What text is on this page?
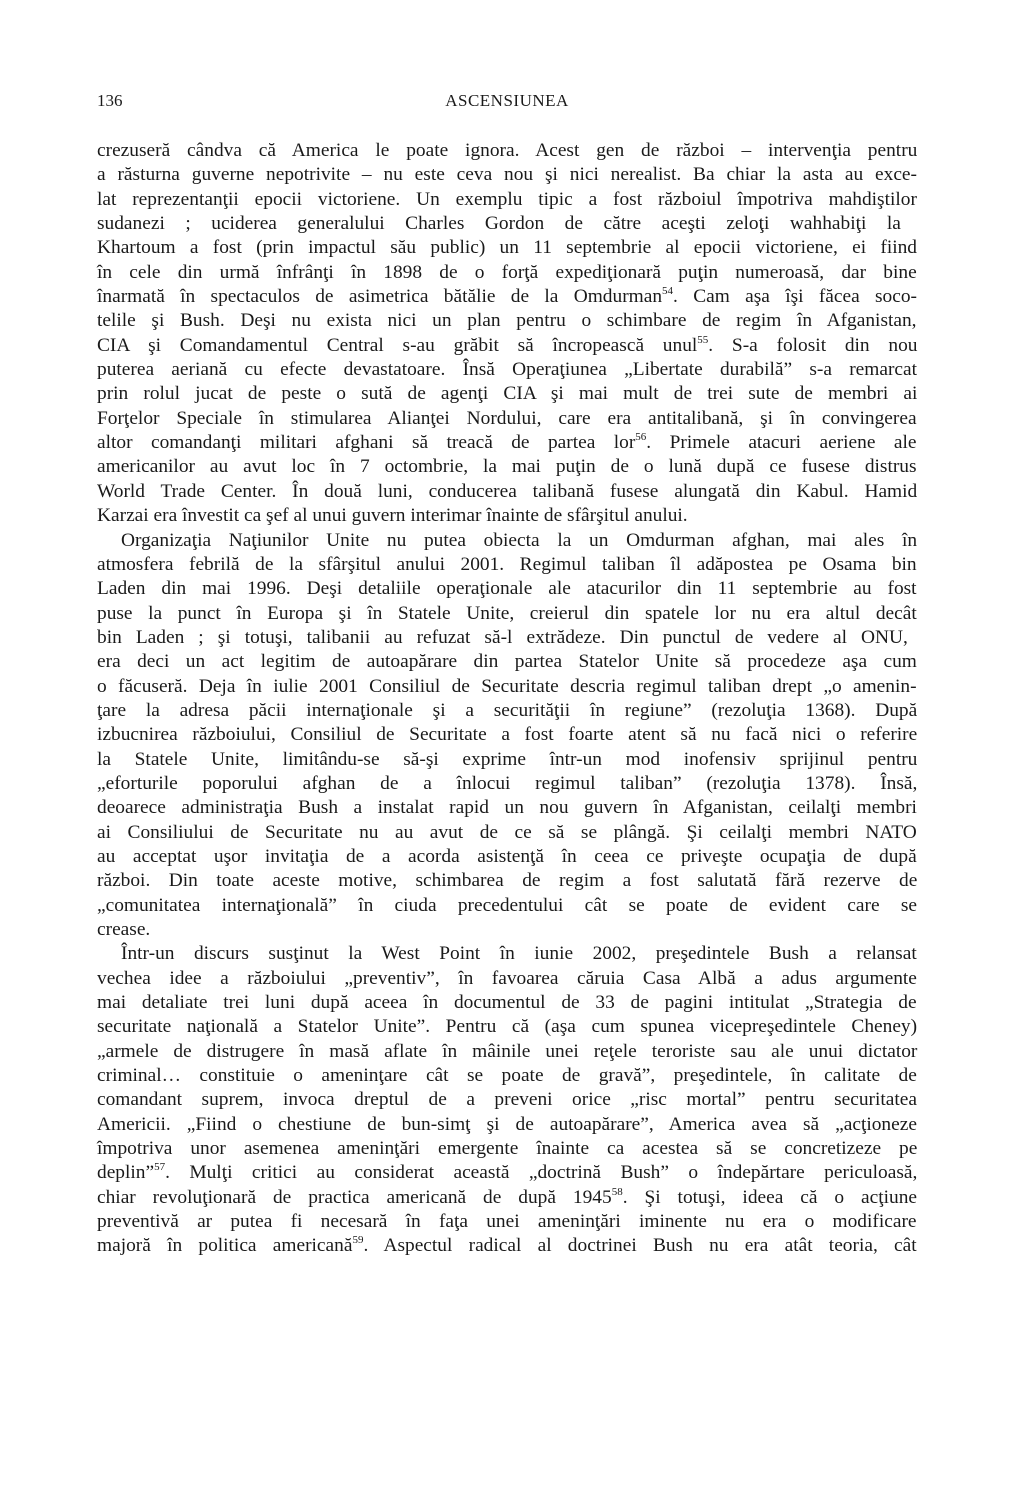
136	ASCENSIUNEA
crezuseră cândva că America le poate ignora. Acest gen de război – intervenţia pentru
a răsturna guverne nepotrivite – nu este ceva nou şi nici nerealist. Ba chiar la asta au exce-
lat reprezentanţii epocii victoriene. Un exemplu tipic a fost războiul împotriva mahdiştilor
sudanezi ; uciderea generalului Charles Gordon de către aceşti zeloţi wahhabiţi la
Khartoum a fost (prin impactul său public) un 11 septembrie al epocii victoriene, ei fiind
în cele din urmă înfrânţi în 1898 de o forţă expediţionară puţin numeroasă, dar bine
înarmată în spectaculos de asimetrica bătălie de la Omdurman$^{54}$. Cam aşa îşi făcea soco-
telile şi Bush. Deşi nu exista nici un plan pentru o schimbare de regim în Afganistan,
CIA şi Comandamentul Central s-au grăbit să încropească unul$^{55}$. S-a folosit din nou
puterea aeriană cu efecte devastatoare. Însă Operaţiunea „Libertate durabilă” s-a remarcat
prin rolul jucat de peste o sută de agenţi CIA şi mai mult de trei sute de membri ai
Forţelor Speciale în stimularea Alianţei Nordului, care era antitalibană, şi în convingerea
altor comandanţi militari afghani să treacă de partea lor$^{56}$. Primele atacuri aeriene ale
americanilor au avut loc în 7 octombrie, la mai puţin de o lună după ce fusese distrus
World Trade Center. În două luni, conducerea talibană fusese alungată din Kabul. Hamid
Karzai era învestit ca şef al unui guvern interimar înainte de sfârşitul anului.
Organizaţia Naţiunilor Unite nu putea obiecta la un Omdurman afghan, mai ales în
atmosfera febrilă de la sfârşitul anului 2001. Regimul taliban îl adăpostea pe Osama bin
Laden din mai 1996. Deşi detaliile operaţionale ale atacurilor din 11 septembrie au fost
puse la punct în Europa şi în Statele Unite, creierul din spatele lor nu era altul decât
bin Laden ; şi totuşi, talibanii au refuzat să-l extrădeze. Din punctul de vedere al ONU,
era deci un act legitim de autoapărare din partea Statelor Unite să procedeze aşa cum
o făcuseră. Deja în iulie 2001 Consiliul de Securitate descria regimul taliban drept „o amenin-
ţare la adresa păcii internaţionale şi a securităţii în regiune” (rezoluţia 1368). După
izbucnirea războiului, Consiliul de Securitate a fost foarte atent să nu facă nici o referire
la Statele Unite, limitându-se să-şi exprime într-un mod inofensiv sprijinul pentru
„eforturile poporului afghan de a înlocui regimul taliban” (rezoluţia 1378). Însă,
deoarece administraţia Bush a instalat rapid un nou guvern în Afganistan, ceilalţi membri
ai Consiliului de Securitate nu au avut de ce să se plângă. Şi ceilalţi membri NATO
au acceptat uşor invitaţia de a acorda asistenţă în ceea ce priveşte ocupaţia de după
război. Din toate aceste motive, schimbarea de regim a fost salutată fără rezerve de
„comunitatea internaţională” în ciuda precedentului cât se poate de evident care se
crease.
Într-un discurs susţinut la West Point în iunie 2002, preşedintele Bush a relansat
vechea idee a războiului „preventiv”, în favoarea căruia Casa Albă a adus argumente
mai detaliate trei luni după aceea în documentul de 33 de pagini intitulat „Strategia de
securitate naţională a Statelor Unite”. Pentru că (aşa cum spunea vicepreşedintele Cheney)
„armele de distrugere în masă aflate în mâinile unei reţele teroriste sau ale unui dictator
criminal… constituie o ameninţare cât se poate de gravă”, preşedintele, în calitate de
comandant suprem, invoca dreptul de a preveni orice „risc mortal” pentru securitatea
Americii. „Fiind o chestiune de bun-simţ şi de autoapărare”, America avea să „acţioneze
împotriva unor asemenea ameninţări emergente înainte ca acestea să se concretizeze pe
deplin”$^{57}$. Mulţi critici au considerat această „doctrină Bush” o îndepărtare periculoasă,
chiar revoluţionară de practica americană de după 1945$^{58}$. Şi totuşi, ideea că o acţiune
preventivă ar putea fi necesară în faţa unei ameninţări iminente nu era o modificare
majoră în politica americană$^{59}$. Aspectul radical al doctrinei Bush nu era atât teoria, cât
